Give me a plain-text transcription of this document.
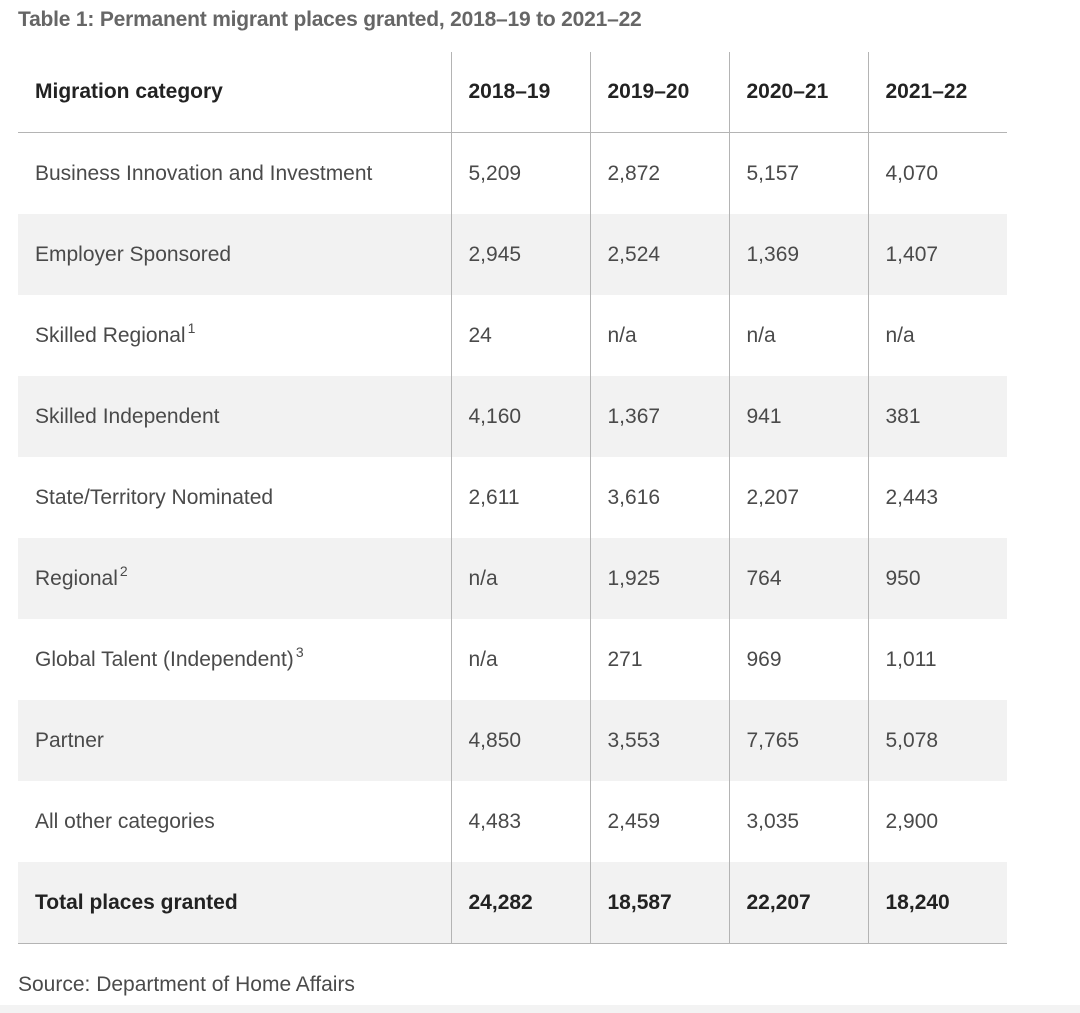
Table 1: Permanent migrant places granted, 2018–19 to 2021–22
Migration category	2018–19	2019–20	2020–21	2021–22
Business Innovation and Investment	5,209	2,872	5,157	4,070
Employer Sponsored	2,945	2,524	1,369	1,407
Skilled Regional $^1$	24	n/a	n/a	n/a
Skilled Independent	4,160	1,367	941	381
State/Territory Nominated	2,611	3,616	2,207	2,443
Regional $^2$	n/a	1,925	764	950
Global Talent (Independent) $^3$	n/a	271	969	1,011
Partner	4,850	3,553	7,765	5,078
All other categories	4,483	2,459	3,035	2,900
Total places granted	24,282	18,587	22,207	18,240
Source: Department of Home Affairs
